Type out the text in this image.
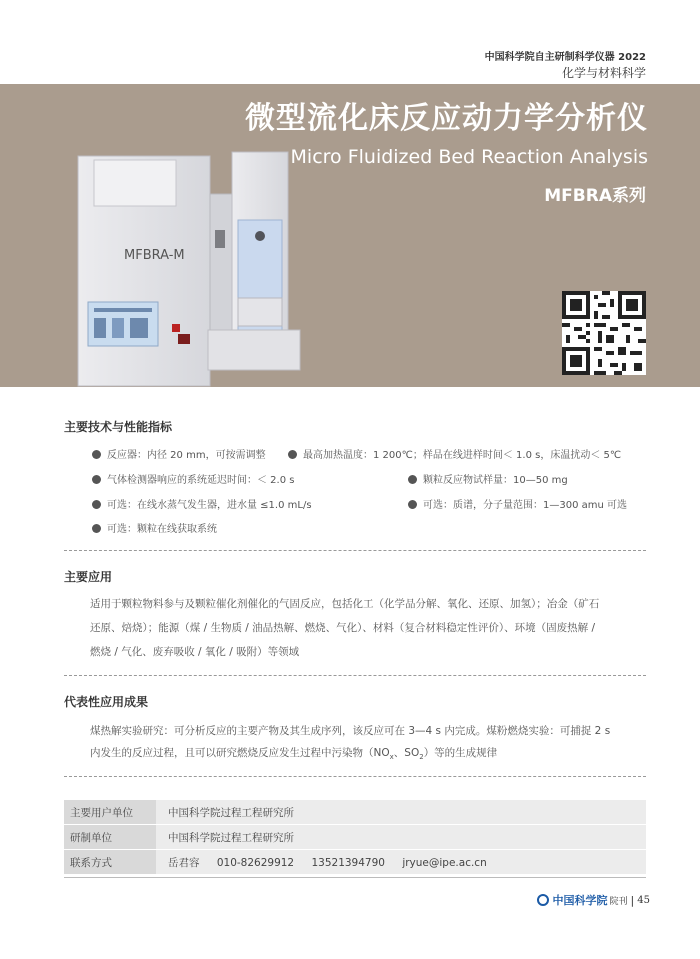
中国科学院自主研制科学仪器 2022
化学与材料科学
微型流化床反应动力学分析仪
Micro Fluidized Bed Reaction Analysis
MFBRA系列
MFBRA-M
主要技术与性能指标
反应器：内径 20 mm，可按需调整	最高加热温度：1 200℃；样品在线进样时间＜ 1.0 s，床温扰动＜ 5℃
气体检测器响应的系统延迟时间：＜ 2.0 s	颗粒反应物试样量：10—50 mg
可选：在线水蒸气发生器，进水量 ≤1.0 mL/s	可选：质谱，分子量范围：1—300 amu 可选
可选：颗粒在线获取系统
主要应用
适用于颗粒物料参与及颗粒催化剂催化的气固反应，包括化工（化学品分解、氧化、还原、加氢）；冶金（矿石
还原、焙烧）；能源（煤 / 生物质 / 油品热解、燃烧、气化）、材料（复合材料稳定性评价）、环境（固废热解 /
燃烧 / 气化、废弃吸收 / 氧化 / 吸附）等领域
代表性应用成果
煤热解实验研究：可分析反应的主要产物及其生成序列，该反应可在 3—4 s 内完成。煤粉燃烧实验：可捕捉 2 s
内发生的反应过程，且可以研究燃烧反应发生过程中污染物（$NO_x$、$SO_2$）等的生成规律
主要用户单位	中国科学院过程工程研究所
研制单位	中国科学院过程工程研究所
联系方式	岳君容 010-82629912 13521394790 jryue@ipe.ac.cn
中国科学院 院刊 | 45
